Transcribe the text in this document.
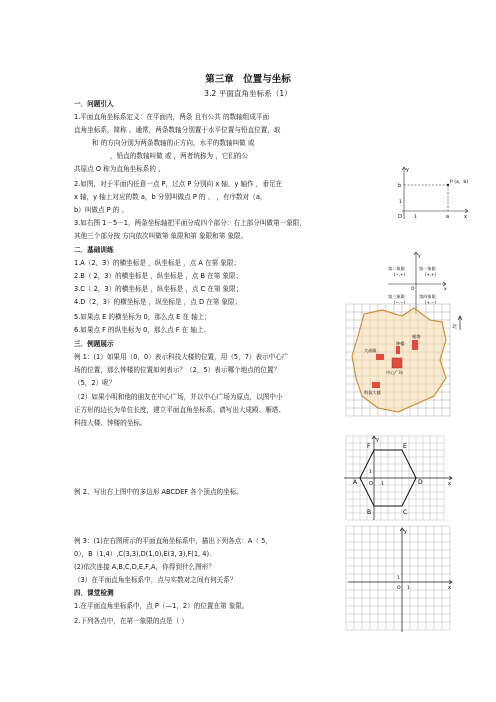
第三章　位置与坐标
3.2 平面直角坐标系（1）
一．问题引入
1.平面直角坐标系定义：在平面内，两条 且有公共 的数轴组成平面
直角坐标系，简称 。通常，两条数轴分别置于水平位置与铅直位置，取
和 的方向分别为两条数轴的正方向，水平的数轴叫做 或
，铅直的数轴叫做 或 ，两者统称为 ，它们的公
共原点 O 称为直角坐标系的 。
2.如图，对于平面内任意一点 P，过点 P 分别向 x 轴，y 轴作 ，垂足在
x 轴，y 轴上对应的数 a，b 分别叫做点 P 的 、 ，有序数对（a，
b）叫做点 P 的 。
3.如右图 1－5－1，两条坐标轴把平面分成四个部分：右上部分叫做第一象限，
其他三个部分按 方向依次叫做第 象限和第 象限和第 象限。
二．基础训练
1.A（2，3）的横坐标是 ，纵坐标是 ，点 A 在第 象限；
2.B（ 2，3）的横坐标是 ，纵坐标是 ，点 B 在第 象限；
3.C（ 2，3）的横坐标是 ，纵坐标是 ，点 C 在第 象限；
4.D（2，3）的横坐标是 ，纵坐标是 ，点 D 在第 象限；
5.如果点 E 的横坐标为 0，那么点 E 在 轴上；
6.如果点 F 的纵坐标为 0，那么点 F 在 轴上.
三．例题展示
例 1：(1）如果用（0，0）表示科技大楼的位置，用（5，7）表示中心广
场的位置，那么钟楼的位置如何表示？（2，5）表示哪个地点的位置？
（5，2）呢？
（2）如果小明和他的朋友在中心广场，并以中心广场为原点，以图中小
正方形的边长为单位长度，建立平面直角坐标系。请写出大成殿、雁塔、
科技大楼、钟楼的坐标。
例 2、写出右上图中的多边形 ABCDEF 各个顶点的坐标。
例 3：(1)在右图所示的平面直角坐标系中，描出下列各点：A（ 5，
0），B（1,4）,C(3,3),D(1,0),E(3, 3),F(1, 4).
(2)依次连接 A,B,C,D,E,F,A，你得到什么图形？
（3）在平面直角坐标系中，点与实数对之间有何关系？
四．课堂检测
1.在平面直角坐标系中，点 P（—1，2）的位置在第 象限。
2.下列各点中，在第一象限的点是（ ）
y
x
O
P (a，b)
a
b
1
1
y
x
O
第二象限
(−,+)
第一象限
(+,+)
第三象限
(−,−)
第四象限
(+,−)
大成殿
雁塔
钟楼
中心广场
科技大楼
北
y
x
O
A
B	C
D
E
F
1
1
y
x
O 1
1
